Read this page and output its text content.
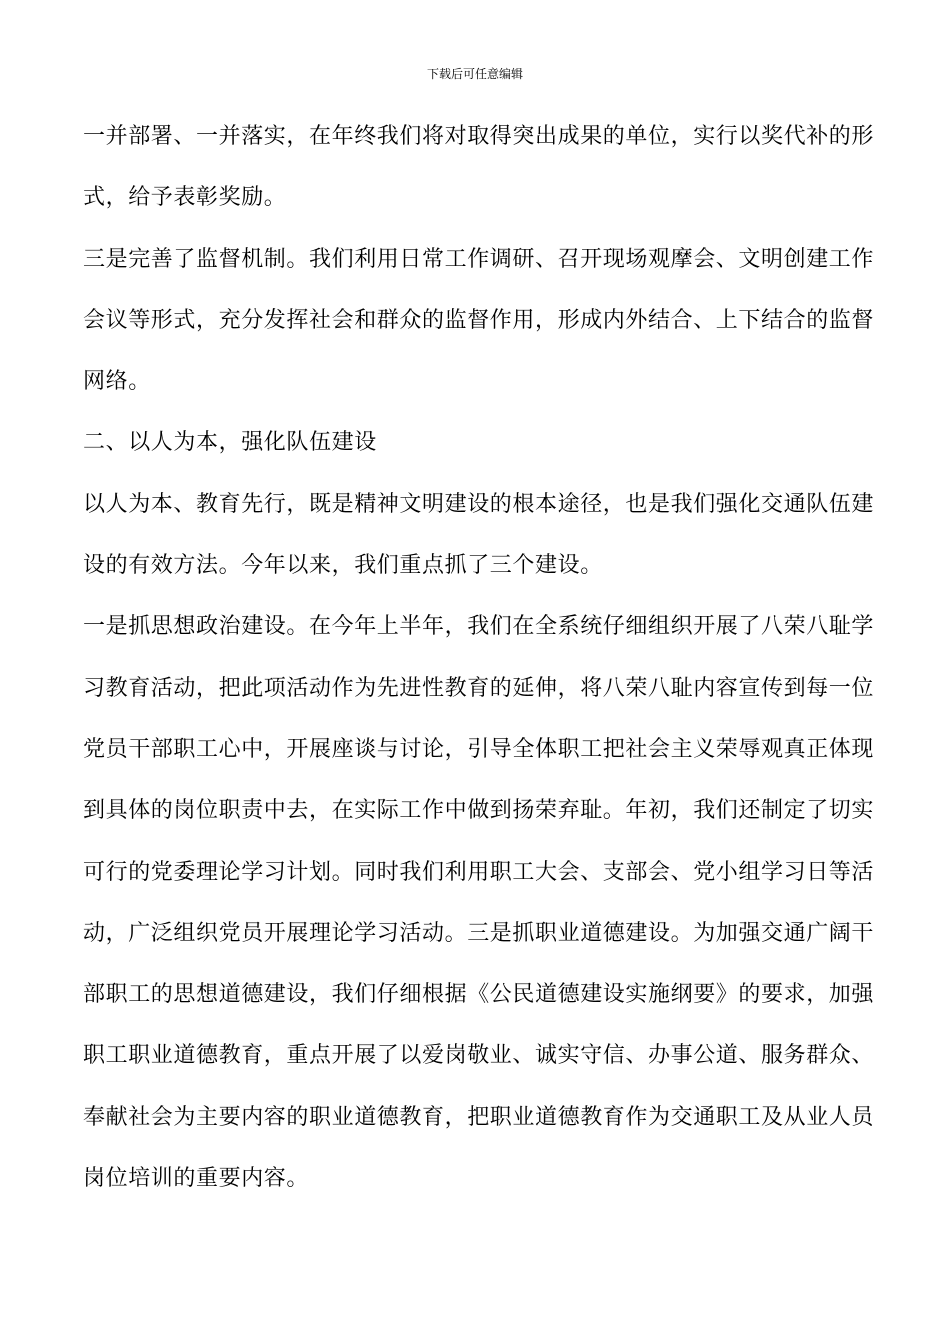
下载后可任意编辑
一并部署、一并落实，在年终我们将对取得突出成果的单位，实行以奖代补的形
式，给予表彰奖励。
三是完善了监督机制。我们利用日常工作调研、召开现场观摩会、文明创建工作
会议等形式，充分发挥社会和群众的监督作用，形成内外结合、上下结合的监督
网络。
二、以人为本，强化队伍建设
以人为本、教育先行，既是精神文明建设的根本途径，也是我们强化交通队伍建
设的有效方法。今年以来，我们重点抓了三个建设。
一是抓思想政治建设。在今年上半年，我们在全系统仔细组织开展了八荣八耻学
习教育活动，把此项活动作为先进性教育的延伸，将八荣八耻内容宣传到每一位
党员干部职工心中，开展座谈与讨论，引导全体职工把社会主义荣辱观真正体现
到具体的岗位职责中去，在实际工作中做到扬荣弃耻。年初，我们还制定了切实
可行的党委理论学习计划。同时我们利用职工大会、支部会、党小组学习日等活
动，广泛组织党员开展理论学习活动。三是抓职业道德建设。为加强交通广阔干
部职工的思想道德建设，我们仔细根据《公民道德建设实施纲要》的要求，加强
职工职业道德教育，重点开展了以爱岗敬业、诚实守信、办事公道、服务群众、
奉献社会为主要内容的职业道德教育，把职业道德教育作为交通职工及从业人员
岗位培训的重要内容。
